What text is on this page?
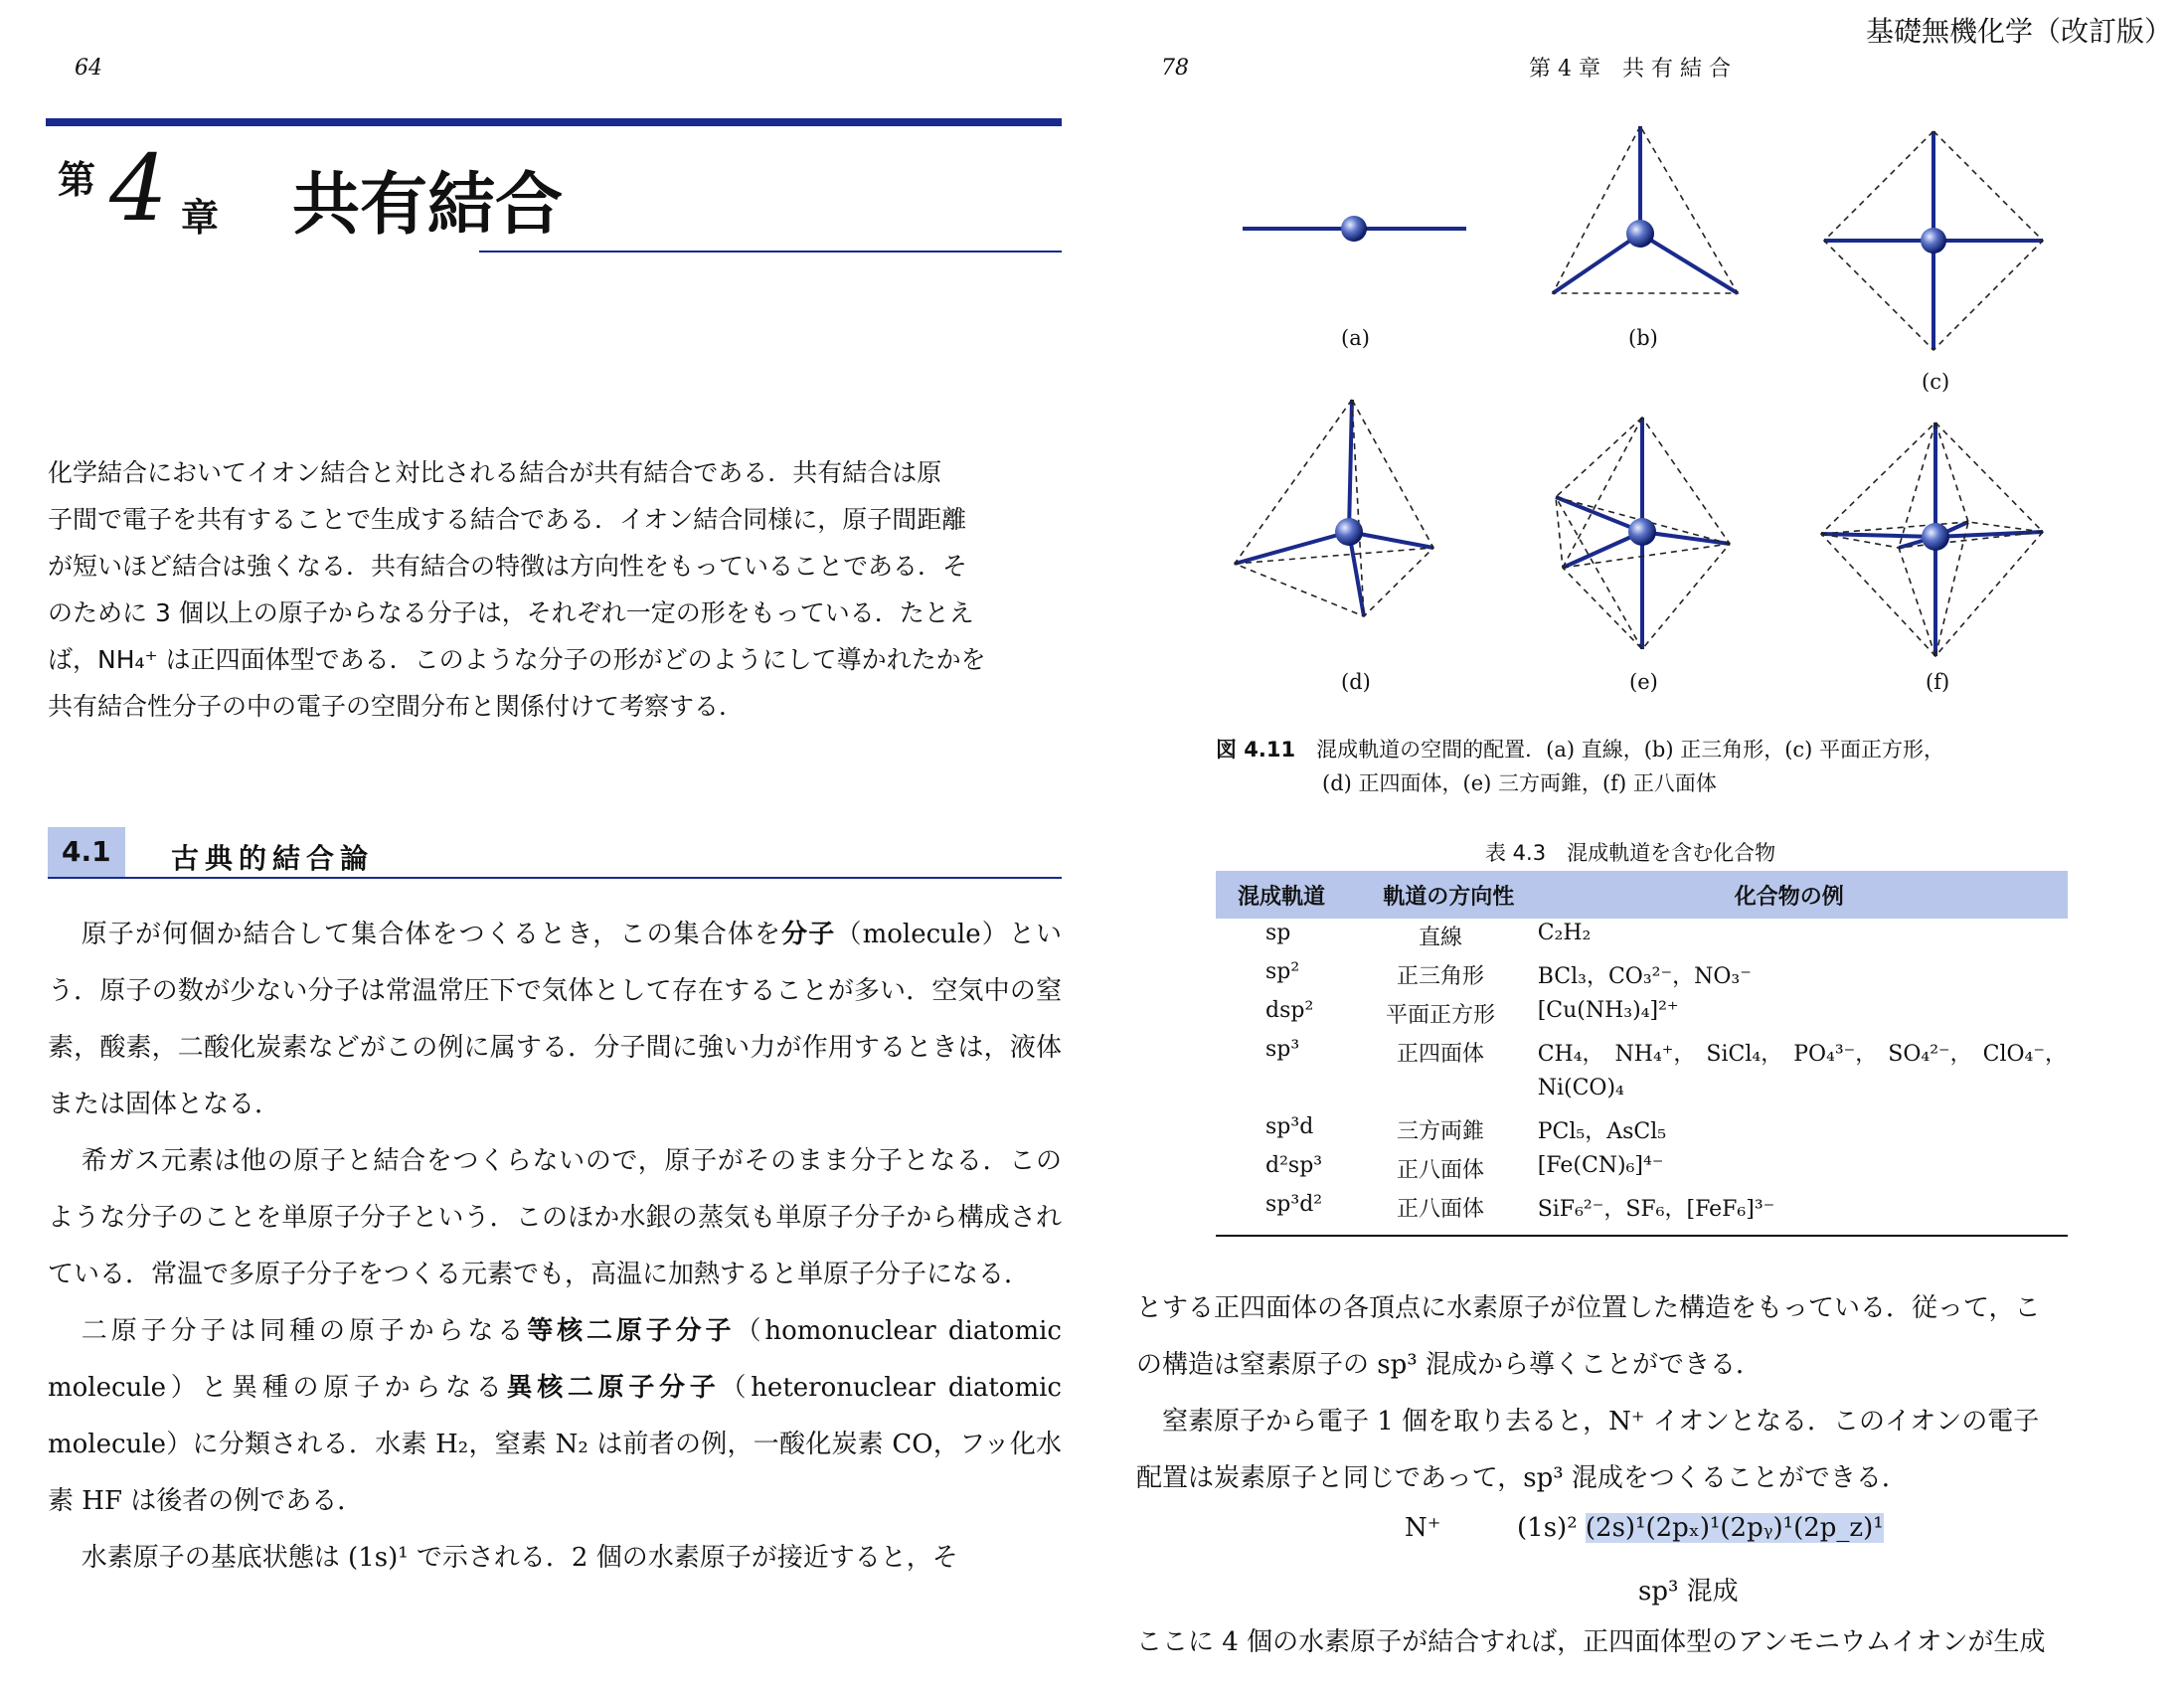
64
第 4 章 共有結合

化学結合においてイオン結合と対比される結合が共有結合である．共有結合は原

子間で電子を共有することで生成する結合である．イオン結合同様に，原子間距離

が短いほど結合は強くなる．共有結合の特徴は方向性をもっていることである．そ

のために 3 個以上の原子からなる分子は，それぞれ一定の形をもっている．たとえ

ば，NH₄⁺ は正四面体型である．このような分子の形がどのようにして導かれたかを

共有結合性分子の中の電子の空間分布と関係付けて考察する．

4.1	古典的結合論

原子が何個か結合して集合体をつくるとき，この集合体を分子（molecule）という．原子の数が少ない分子は常温常圧下で気体として存在することが多い．空気中の窒素，酸素，二酸化炭素などがこの例に属する．分子間に強い力が作用するときは，液体または固体となる．

希ガス元素は他の原子と結合をつくらないので，原子がそのまま分子となる．このような分子のことを単原子分子という．このほか水銀の蒸気も単原子分子から構成されている．常温で多原子分子をつくる元素でも，高温に加熱すると単原子分子になる．

二原子分子は同種の原子からなる等核二原子分子（homonuclear diatomic molecule）と異種の原子からなる異核二原子分子（heteronuclear diatomic molecule）に分類される．水素 H₂，窒素 N₂ は前者の例，一酸化炭素 CO，フッ化水素 HF は後者の例である．

水素原子の基底状態は (1s)¹ で示される．2 個の水素原子が接近すると，そ

基礎無機化学（改訂版）
78	第 4 章　共 有 結 合
(a)	(b)
(c)
(d)	(e)	(f)
図 4.11　 混成軌道の空間的配置．(a) 直線，(b) 正三角形，(c) 平面正方形，
(d) 正四面体，(e) 三方両錐，(f) 正八面体
表 4.3　混成軌道を含む化合物
混成軌道	軌道の方向性	化合物の例
sp	直線	C₂H₂
sp²	正三角形	BCl₃，CO₃²⁻，NO₃⁻
dsp²	平面正方形	[Cu(NH₃)₄]²⁺
sp³	正四面体	CH₄，　NH₄⁺，　SiCl₄，　PO₄³⁻，　SO₄²⁻，　ClO₄⁻，
		Ni(CO)₄
sp³d	三方両錐	PCl₅，AsCl₅
d²sp³	正八面体	[Fe(CN)₆]⁴⁻
sp³d²	正八面体	SiF₆²⁻，SF₆，[FeF₆]³⁻
とする正四面体の各頂点に水素原子が位置した構造をもっている．従って，こ
の構造は窒素原子の sp³ 混成から導くことができる．
　窒素原子から電子 1 個を取り去ると，N⁺ イオンとなる．このイオンの電子
配置は炭素原子と同じであって，sp³ 混成をつくることができる．
N⁺	(1s)² (2s)¹(2pₓ)¹(2pᵧ)¹(2p_z)¹
sp³ 混成
ここに 4 個の水素原子が結合すれば，正四面体型のアンモニウムイオンが生成
